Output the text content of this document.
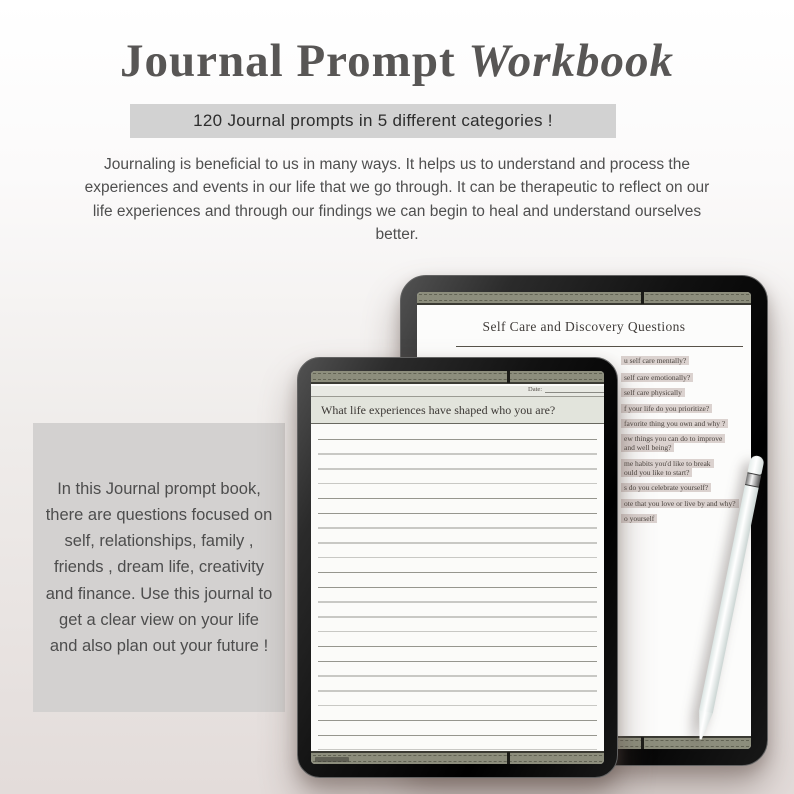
Journal Prompt Workbook
120 Journal prompts in 5 different categories !

Journaling is beneficial to us in many ways. It helps us to understand and process the experiences and events in our life that we go through. It can be therapeutic to reflect on our life experiences and through our findings we can begin to heal and understand ourselves better.

In this Journal prompt book, there are questions focused on self, relationships, family , friends , dream life, creativity and finance. Use this journal to get a clear view on your life and also plan out your future !
Self Care and Discovery Questions
u self care mentally?
self care emotionally?
self care physically
f your life do you prioritize?
favorite thing you own and why ?
ew things you can do to improve
and well being?
me habits you'd like to break
ould you like to start?
s do you celebrate yourself?
ote that you love or live by and why?
o yourself
Date:
What life experiences have shaped who you are?
